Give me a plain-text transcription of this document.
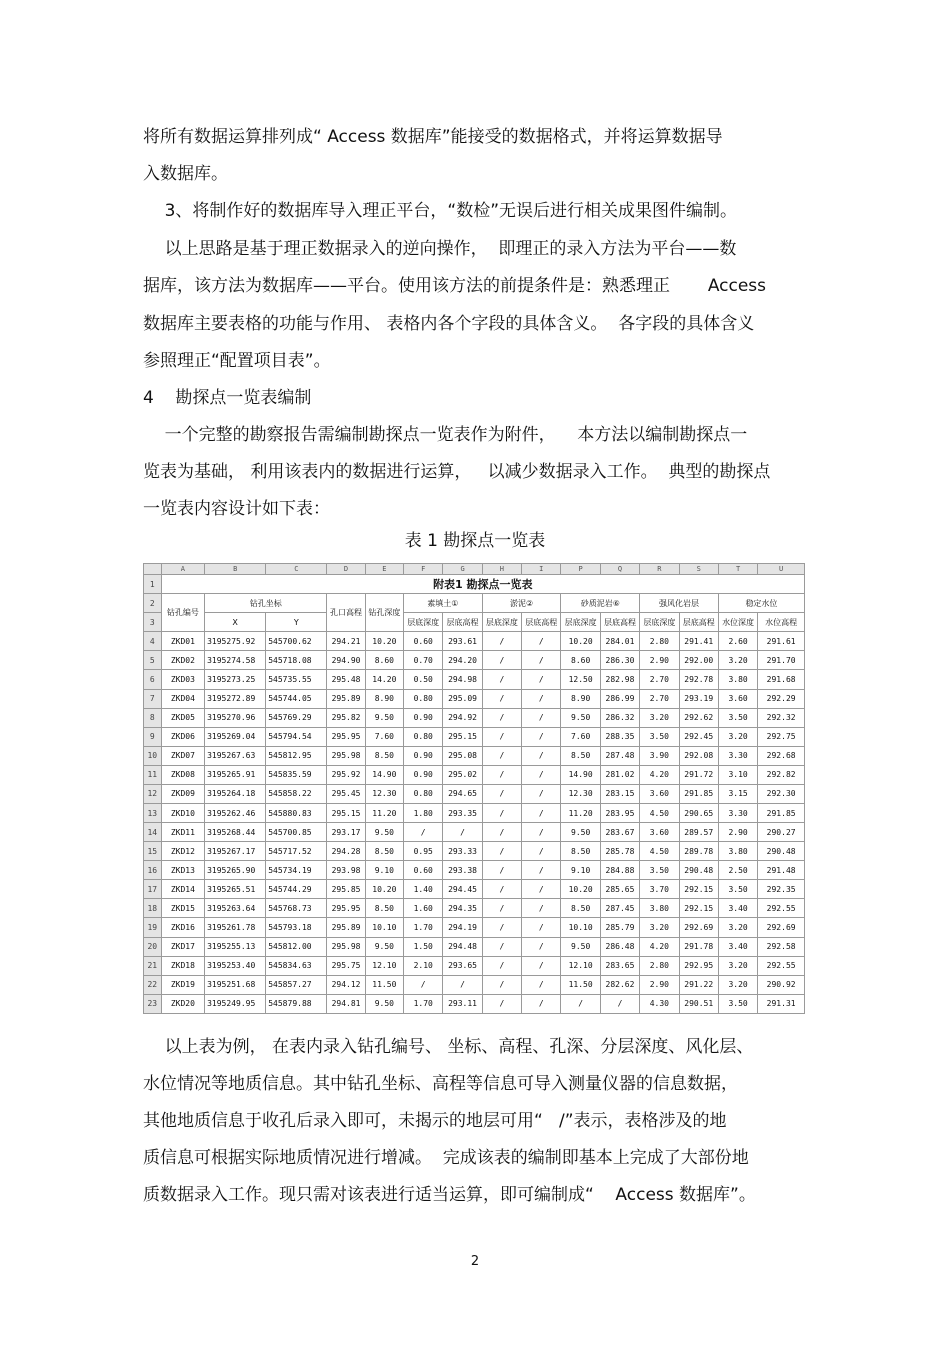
将所有数据运算排列成“ Access 数据库”能接受的数据格式，并将运算数据导
入数据库。
3、将制作好的数据库导入理正平台，“数检”无误后进行相关成果图件编制。
以上思路是基于理正数据录入的逆向操作，  即理正的录入方法为平台——数
据库，该方法为数据库——平台。使用该方法的前提条件是：熟悉理正       Access
数据库主要表格的功能与作用、 表格内各个字段的具体含义。  各字段的具体含义
参照理正“配置项目表”。
4    勘探点一览表编制
一个完整的勘察报告需编制勘探点一览表作为附件，    本方法以编制勘探点一
览表为基础， 利用该表内的数据进行运算，   以减少数据录入工作。  典型的勘探点
一览表内容设计如下表：
表 1 勘探点一览表
	A	B	C	D	E	F	G	H	I	P	Q	R	S	T	U
1	附表1 勘探点一览表														
2	钻孔编号	钻孔坐标		孔口高程	钻孔深度	素填土①		淤泥②		砂质泥岩⑥		强风化岩层		稳定水位	
3		X	Y			层底深度	层底高程	层底深度	层底高程	层底深度	层底高程	层底深度	层底高程	水位深度	水位高程
4	ZKD01	3195275.92	545700.62	294.21	10.20	0.60	293.61	/	/	10.20	284.01	2.80	291.41	2.60	291.61
5	ZKD02	3195274.58	545718.08	294.90	8.60	0.70	294.20	/	/	8.60	286.30	2.90	292.00	3.20	291.70
6	ZKD03	3195273.25	545735.55	295.48	14.20	0.50	294.98	/	/	12.50	282.98	2.70	292.78	3.80	291.68
7	ZKD04	3195272.89	545744.05	295.89	8.90	0.80	295.09	/	/	8.90	286.99	2.70	293.19	3.60	292.29
8	ZKD05	3195270.96	545769.29	295.82	9.50	0.90	294.92	/	/	9.50	286.32	3.20	292.62	3.50	292.32
9	ZKD06	3195269.04	545794.54	295.95	7.60	0.80	295.15	/	/	7.60	288.35	3.50	292.45	3.20	292.75
10	ZKD07	3195267.63	545812.95	295.98	8.50	0.90	295.08	/	/	8.50	287.48	3.90	292.08	3.30	292.68
11	ZKD08	3195265.91	545835.59	295.92	14.90	0.90	295.02	/	/	14.90	281.02	4.20	291.72	3.10	292.82
12	ZKD09	3195264.18	545858.22	295.45	12.30	0.80	294.65	/	/	12.30	283.15	3.60	291.85	3.15	292.30
13	ZKD10	3195262.46	545880.83	295.15	11.20	1.80	293.35	/	/	11.20	283.95	4.50	290.65	3.30	291.85
14	ZKD11	3195268.44	545700.85	293.17	9.50	/	/	/	/	9.50	283.67	3.60	289.57	2.90	290.27
15	ZKD12	3195267.17	545717.52	294.28	8.50	0.95	293.33	/	/	8.50	285.78	4.50	289.78	3.80	290.48
16	ZKD13	3195265.90	545734.19	293.98	9.10	0.60	293.38	/	/	9.10	284.88	3.50	290.48	2.50	291.48
17	ZKD14	3195265.51	545744.29	295.85	10.20	1.40	294.45	/	/	10.20	285.65	3.70	292.15	3.50	292.35
18	ZKD15	3195263.64	545768.73	295.95	8.50	1.60	294.35	/	/	8.50	287.45	3.80	292.15	3.40	292.55
19	ZKD16	3195261.78	545793.18	295.89	10.10	1.70	294.19	/	/	10.10	285.79	3.20	292.69	3.20	292.69
20	ZKD17	3195255.13	545812.00	295.98	9.50	1.50	294.48	/	/	9.50	286.48	4.20	291.78	3.40	292.58
21	ZKD18	3195253.40	545834.63	295.75	12.10	2.10	293.65	/	/	12.10	283.65	2.80	292.95	3.20	292.55
22	ZKD19	3195251.68	545857.27	294.12	11.50	/	/	/	/	11.50	282.62	2.90	291.22	3.20	290.92
23	ZKD20	3195249.95	545879.88	294.81	9.50	1.70	293.11	/	/	/	/	4.30	290.51	3.50	291.31
以上表为例， 在表内录入钻孔编号、 坐标、高程、孔深、分层深度、风化层、
水位情况等地质信息。其中钻孔坐标、高程等信息可导入测量仪器的信息数据，
其他地质信息于收孔后录入即可，未揭示的地层可用“   /”表示，表格涉及的地
质信息可根据实际地质情况进行增减。  完成该表的编制即基本上完成了大部份地
质数据录入工作。现只需对该表进行适当运算，即可编制成“    Access 数据库”。
2
